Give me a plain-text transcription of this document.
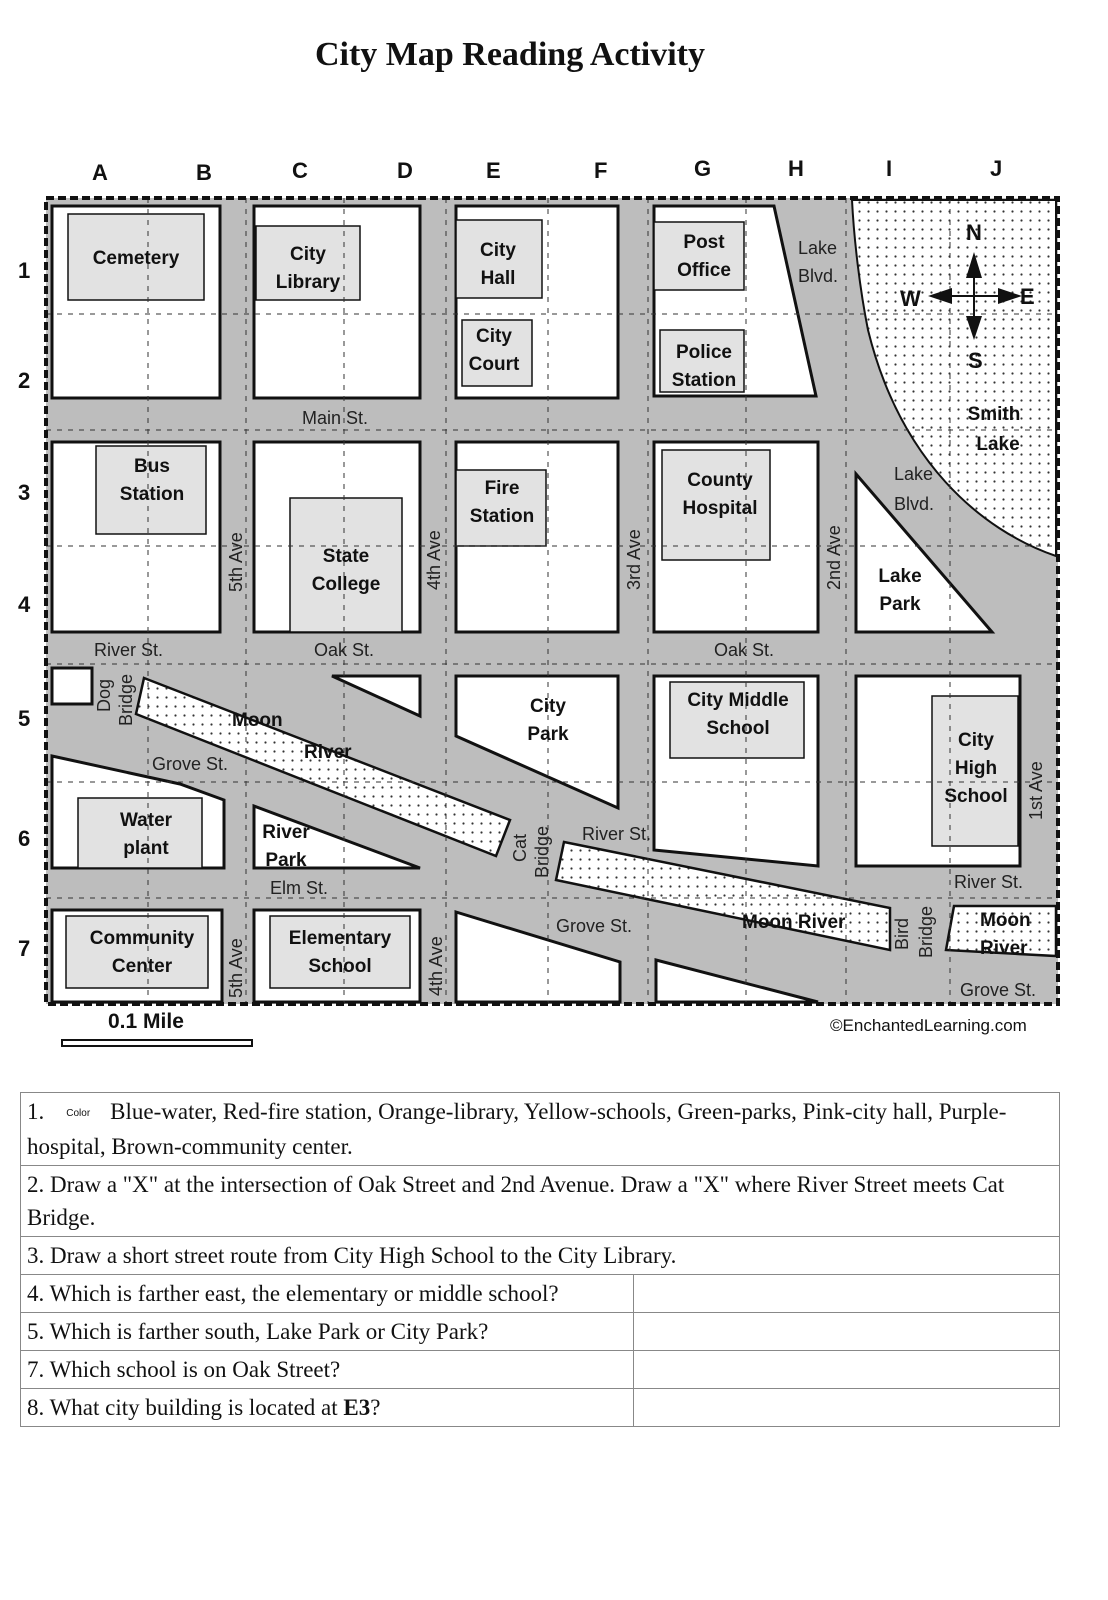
City Map Reading Activity
A	B	C	D	E	F	G	H	I	J
1
2
3
4
5
6
7
Cemetery	City
Library
City
Hall
City
Court
Post
Office
Police
Station
Bus
Station
State
College
Fire
Station
County
Hospital
Lake
Park
Smith
Lake
City
Park
City Middle
School
City
High
School
Water
plant
River
Park
Community
Center
Elementary
School
Moon
River
Moon River	Moon
River
Main St.
River St.	Oak St.	Oak St.
Grove St.
Elm St.
River St.
River St.
Grove St.
Grove St.
Lake
Blvd.
Lake
Blvd.
5th Ave
5th Ave
4th Ave
4th Ave
3rd Ave	2nd Ave
1st Ave
Dog Bridge
Cat Bridge
Bird Bridge
N
S
E
W
0.1 Mile	©EnchantedLearning.com
1. Color Blue-water, Red-fire station, Orange-library, Yellow-schools, Green-parks, Pink-city hall, Purple-hospital, Brown-community center.	
2. Draw a "X" at the intersection of Oak Street and 2nd Avenue. Draw a "X" where River Street meets Cat Bridge.	
3. Draw a short street route from City High School to the City Library.	
4. Which is farther east, the elementary or middle school?	
5. Which is farther south, Lake Park or City Park?	
7. Which school is on Oak Street?	
8. What city building is located at E3?	
